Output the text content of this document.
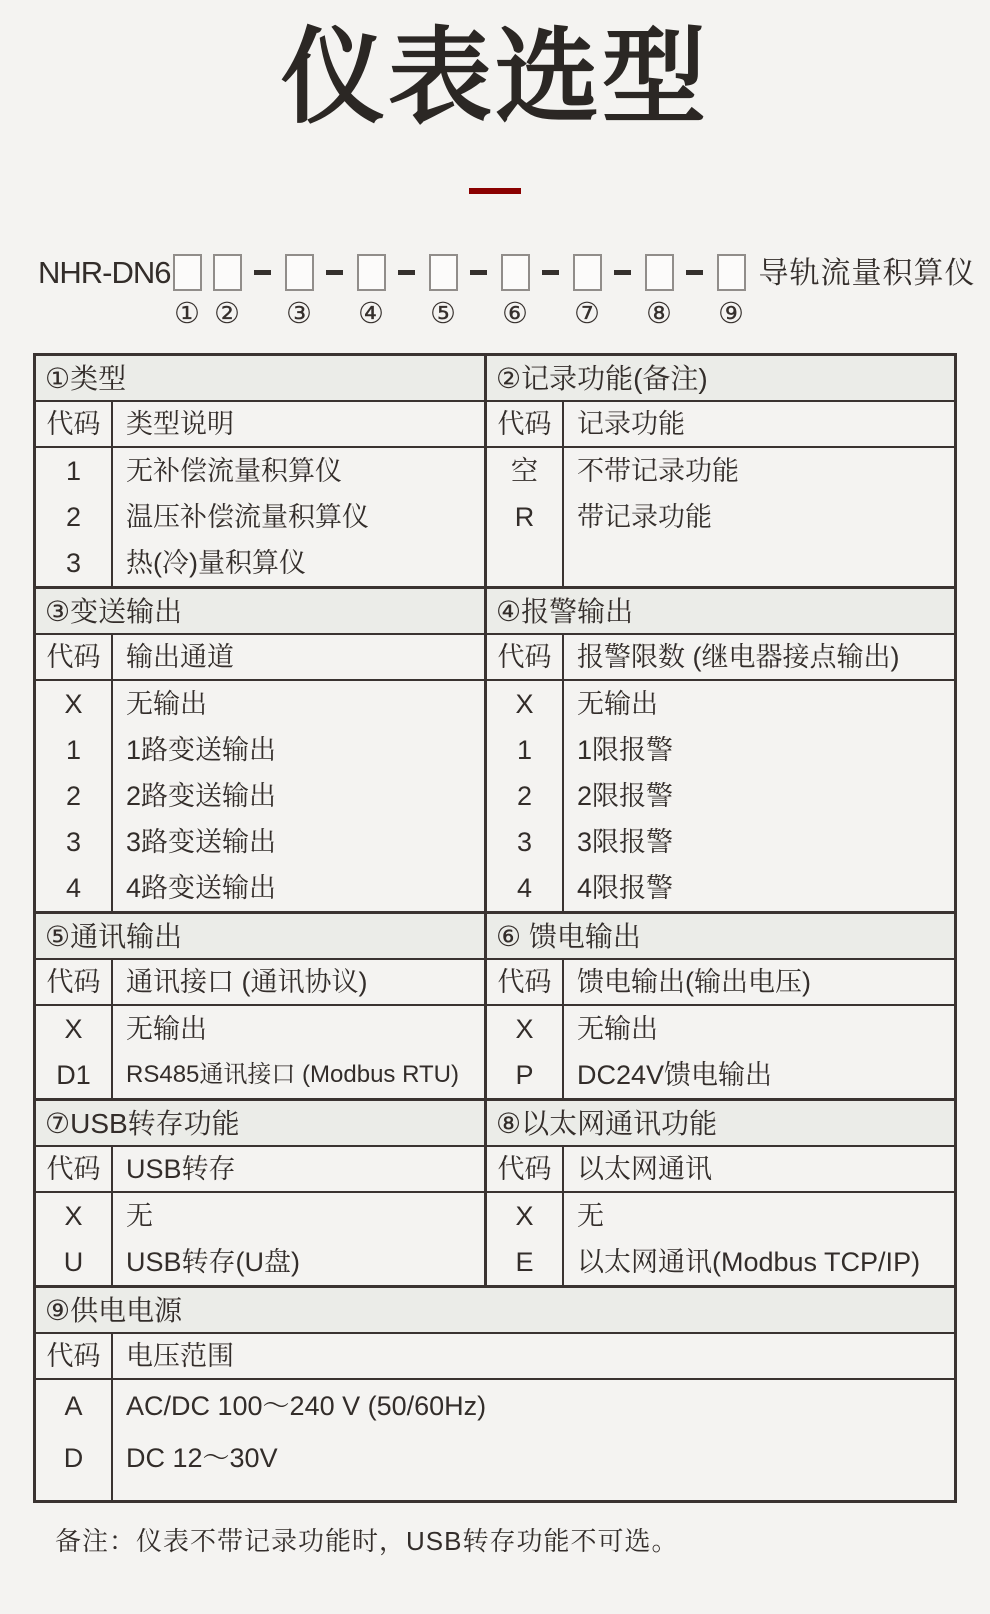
仪表选型
NHR-DN6
① ② ③ ④ ⑤ ⑥ ⑦ ⑧ ⑨
导轨流量积算仪
①类型
代码 类型说明
1
2
3
无补偿流量积算仪
温压补偿流量积算仪
热(冷)量积算仪
②记录功能(备注)
代码 记录功能
空
R
不带记录功能
带记录功能
③变送输出
代码 输出通道
X
1
2
3
4
无输出
1路变送输出
2路变送输出
3路变送输出
4路变送输出
④报警输出
代码 报警限数 (继电器接点输出)
X
1
2
3
4
无输出
1限报警
2限报警
3限报警
4限报警
⑤通讯输出
代码 通讯接口 (通讯协议)
X
D1
无输出
RS485通讯接口 (Modbus RTU)
⑥ 馈电输出
代码 馈电输出(输出电压)
X
P
无输出
DC24V馈电输出
⑦USB转存功能
代码 USB转存
X
U
无
USB转存(U盘)
⑧以太网通讯功能
代码 以太网通讯
X
E
无
以太网通讯(Modbus TCP/IP)
⑨供电电源
代码 电压范围
A
D
AC/DC 100～240 V (50/60Hz)
DC 12～30V

备注：仪表不带记录功能时，USB转存功能不可选。
